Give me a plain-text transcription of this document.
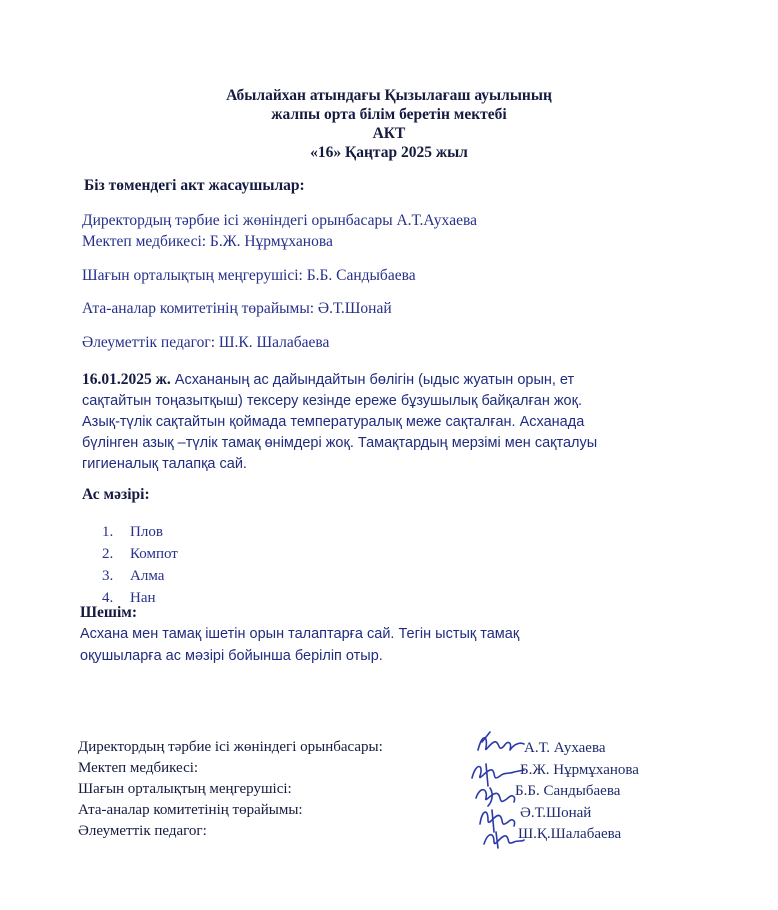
Абылайхан атындағы Қызылағаш ауылының
жалпы орта білім беретін мектебі
АКТ
«16» Қаңтар 2025 жыл
Біз төмендегі акт жасаушылар:
Директордың тәрбие ісі жөніндегі орынбасары А.Т.Ауxаева
Мектеп медбикесі: Б.Ж. Нұрмұханова
Шағын орталықтың меңгерушісі: Б.Б. Сандыбаева
Ата-аналар комитетінің төрайымы: Ә.Т.Шонай
Әлеуметтік педагог: Ш.К. Шалабаева
16.01.2025 ж. Асхананың ас дайындайтын бөлігін (ыдыс жуатын орын, ет
сақтайтын тоңазытқыш) тексеру кезінде ереже бұзушылық байқалған жоқ.
Азық-түлік сақтайтын қоймада температуралық меже сақталған. Асханада
бүлінген азық –түлік тамақ өнімдері жоқ. Тамақтардың мерзімі мен сақталуы
гигиеналық талапқа сай.
Ас мәзірі:
1. Плов
2. Компот
3. Алма
4. Нан
Шешім:
Асхана мен тамақ ішетін орын талаптарға сай. Тегін ыстық тамақ
оқушыларға ас мәзірі бойынша беріліп отыр.
Директордың тәрбие ісі жөніндегі орынбасары:
Мектеп медбикесі:
Шағын орталықтың меңгерушісі:
Ата-аналар комитетінің төрайымы:
Әлеуметтік педагог:
А.Т. Аухаева
Б.Ж. Нұрмұханова
Б.Б. Сандыбаева
Ә.Т.Шонай
Ш.Қ.Шалабаева
